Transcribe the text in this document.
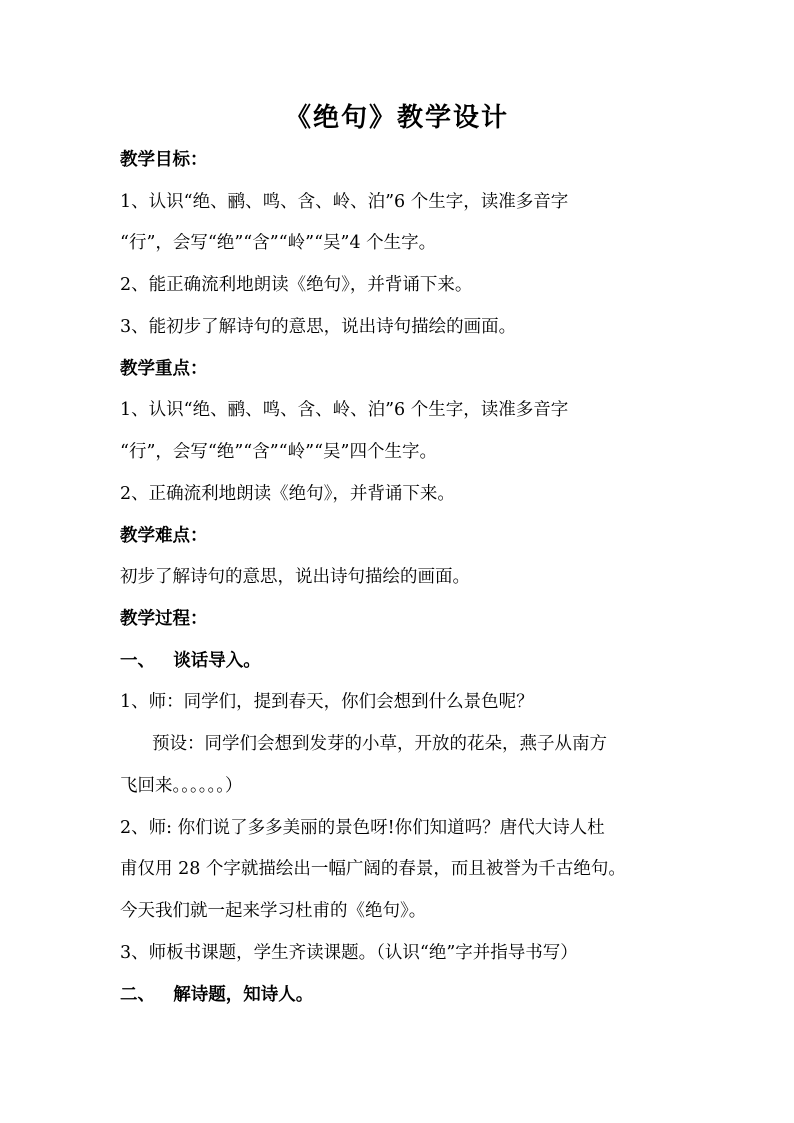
《绝句》教学设计
教学目标：
1、认识“绝、鹂、鸣、含、岭、泊”6 个生字，读准多音字
“行”，会写“绝”“含”“岭”“吴”4 个生字。
2、能正确流利地朗读《绝句》，并背诵下来。
3、能初步了解诗句的意思，说出诗句描绘的画面。
教学重点：
1、认识“绝、鹂、鸣、含、岭、泊”6 个生字，读准多音字
“行”，会写“绝”“含”“岭”“吴”四个生字。
2、正确流利地朗读《绝句》，并背诵下来。
教学难点：
初步了解诗句的意思，说出诗句描绘的画面。
教学过程：
一、   谈话导入。
1、师：同学们，提到春天，你们会想到什么景色呢？
预设：同学们会想到发芽的小草，开放的花朵，燕子从南方
飞回来。。。。。。）
2、师: 你们说了多多美丽的景色呀!你们知道吗？唐代大诗人杜
甫仅用 28 个字就描绘出一幅广阔的春景，而且被誉为千古绝句。
今天我们就一起来学习杜甫的《绝句》。
3、师板书课题，学生齐读课题。（认识“绝”字并指导书写）
二、   解诗题，知诗人。
